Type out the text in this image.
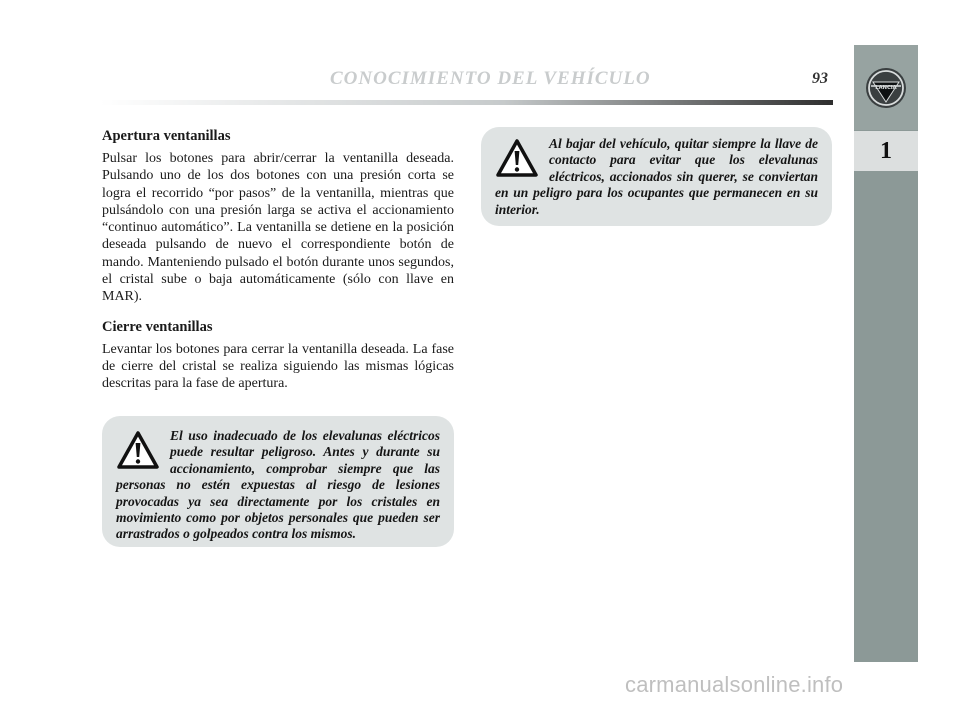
CONOCIMIENTO DEL VEHÍCULO	93
LANCIA
1
Apertura ventanillas

Pulsar los botones para abrir/cerrar la ventanilla deseada. Pulsando uno de los dos botones con una presión corta se logra el recorrido “por pasos” de la ventanilla, mientras que pulsándolo con una presión larga se activa el accionamiento “continuo automático”. La ventanilla se detiene en la posición deseada pulsando de nuevo el correspondiente botón de mando. Manteniendo pulsado el botón durante unos segundos, el cristal sube o baja automáticamente (sólo con llave en MAR).

Cierre ventanillas

Levantar los botones para cerrar la ventanilla deseada. La fase de cierre del cristal se realiza siguiendo las mismas lógicas descritas para la fase de apertura.

El uso inadecuado de los elevalunas eléctricos puede resultar peligroso. Antes y durante su accionamiento, comprobar siempre que las personas no estén expuestas al riesgo de lesiones provocadas ya sea directamente por los cristales en movimiento como por objetos personales que pueden ser arrastrados o golpeados contra los mismos.
Al bajar del vehículo, quitar siempre la llave de contacto para evitar que los elevalunas eléctricos, accionados sin querer, se conviertan en un peligro para los ocupantes que permanecen en su interior.
carmanualsonline.info
